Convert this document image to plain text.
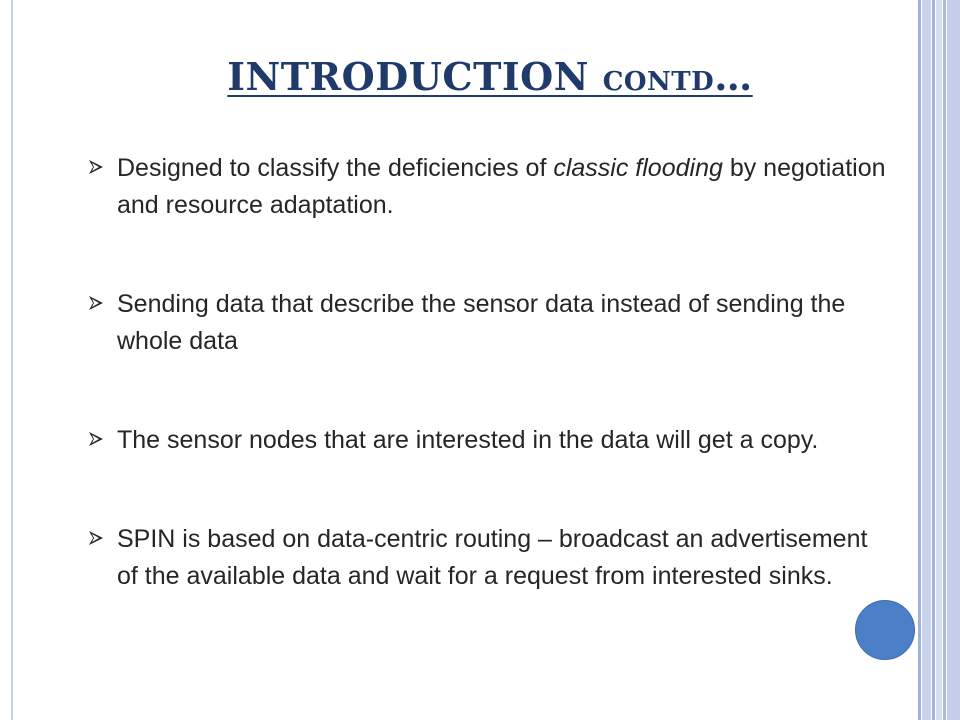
INTRODUCTION CONTD…
Designed to classify the deficiencies of classic flooding by negotiation and resource adaptation.
Sending data that describe the sensor data instead of sending the whole data
The sensor nodes that are interested in the data will get a copy.
SPIN is based on data-centric routing – broadcast an advertisement of the available data and wait for a request from interested sinks.
